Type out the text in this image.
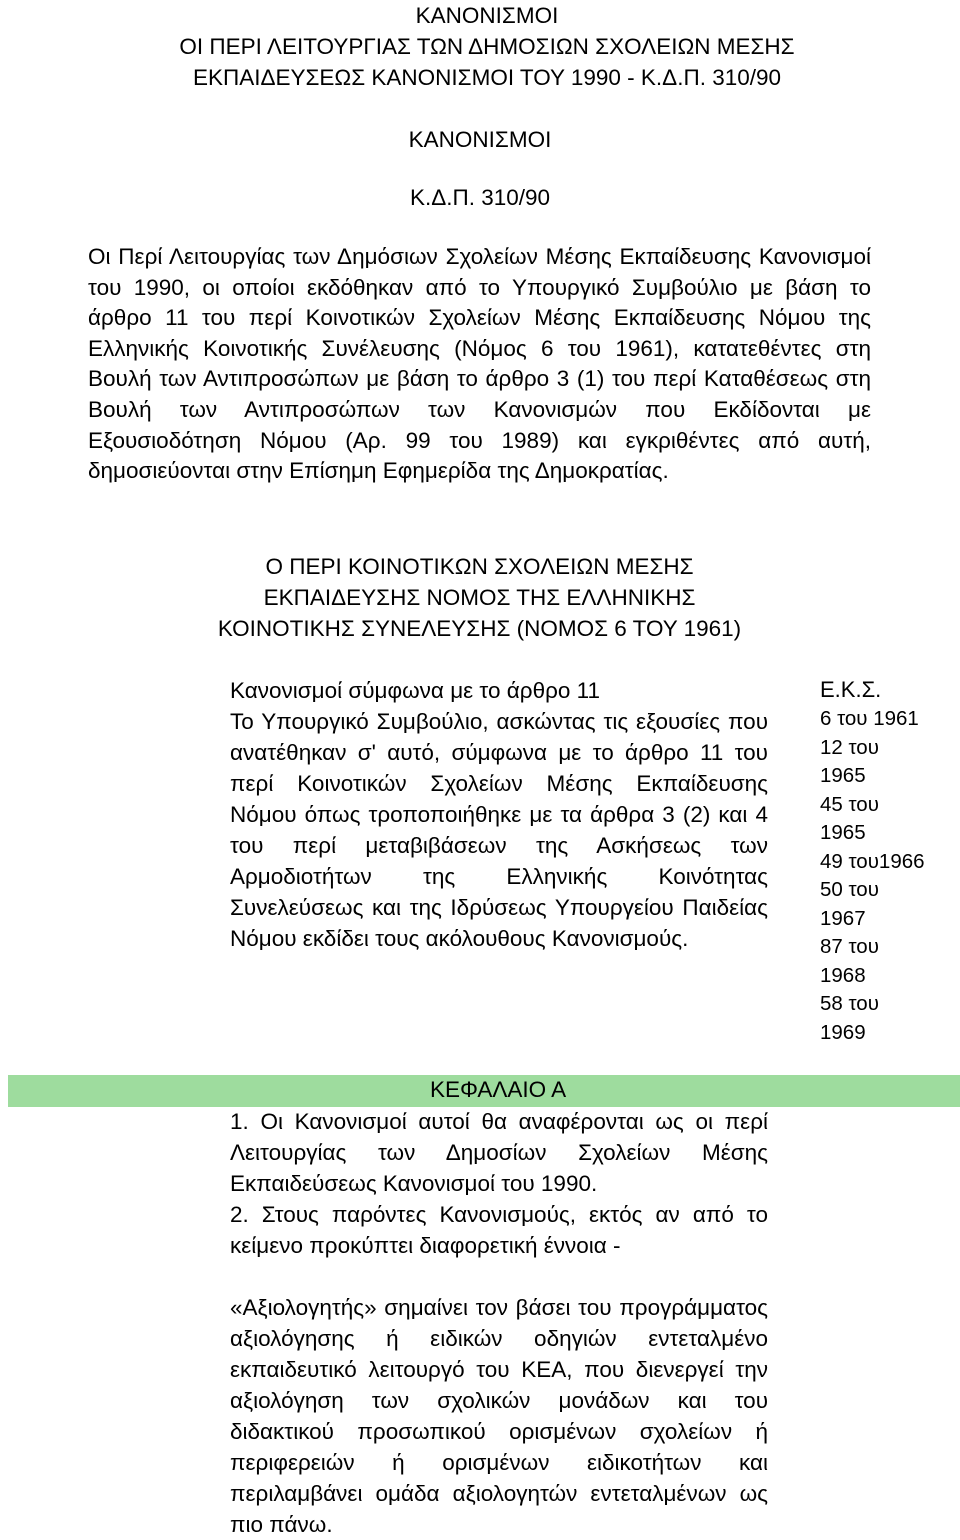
ΚΑΝΟΝΙΣΜΟΙ
ΟΙ ΠΕΡΙ ΛΕΙΤΟΥΡΓΙΑΣ ΤΩΝ ΔΗΜΟΣΙΩΝ ΣΧΟΛΕΙΩΝ ΜΕΣΗΣ
ΕΚΠΑΙΔΕΥΣΕΩΣ ΚΑΝΟΝΙΣΜΟΙ ΤΟΥ 1990 - Κ.Δ.Π. 310/90
ΚΑΝΟΝΙΣΜΟΙ
Κ.Δ.Π. 310/90
Οι Περί Λειτουργίας των Δημόσιων Σχολείων Μέσης Εκπαίδευσης Κανονισμοί του 1990, οι οποίοι εκδόθηκαν από το Υπουργικό Συμβούλιο με βάση το άρθρο 11 του περί Κοινοτικών Σχολείων Μέσης Εκπαίδευσης Νόμου της Ελληνικής Κοινοτικής Συνέλευσης (Νόμος 6 του 1961), κατατεθέντες στη Βουλή των Αντιπροσώπων με βάση το άρθρο 3 (1) του περί Καταθέσεως στη Βουλή των Αντιπροσώπων των Κανονισμών που Εκδίδονται με Εξουσιοδότηση Νόμου (Αρ. 99 του 1989) και εγκριθέντες από αυτή, δημοσιεύονται στην Επίσημη Εφημερίδα της Δημοκρατίας.
Ο ΠΕΡΙ ΚΟΙΝΟΤΙΚΩΝ ΣΧΟΛΕΙΩΝ ΜΕΣΗΣ
ΕΚΠΑΙΔΕΥΣΗΣ ΝΟΜΟΣ ΤΗΣ ΕΛΛΗΝΙΚΗΣ
ΚΟΙΝΟΤΙΚΗΣ ΣΥΝΕΛΕΥΣΗΣ (ΝΟΜΟΣ 6 ΤΟΥ 1961)

Κανονισμοί σύμφωνα με το άρθρο 11

Το Υπουργικό Συμβούλιο, ασκώντας τις εξουσίες που ανατέθηκαν σ' αυτό, σύμφωνα με το άρθρο 11 του περί Κοινοτικών Σχολείων Μέσης Εκπαίδευσης Νόμου όπως τροποποιήθηκε με τα άρθρα 3 (2) και 4 του περί μεταβιβάσεων της Ασκήσεως των Αρμοδιοτήτων της Ελληνικής Κοινότητας Συνελεύσεως και της Ιδρύσεως Υπουργείου Παιδείας Νόμου εκδίδει τους ακόλουθους Κανονισμούς.

Ε.Κ.Σ.
6 του 1961
12 του
1965
45 του
1965
49 του1966
50 του
1967
87 του
1968
58 του
1969
ΚΕΦΑΛΑΙΟ Α

1. Οι Κανονισμοί αυτοί θα αναφέρονται ως οι περί Λειτουργίας των Δημοσίων Σχολείων Μέσης Εκπαιδεύσεως Κανονισμοί του 1990.

2. Στους παρόντες Κανονισμούς, εκτός αν από το κείμενο προκύπτει διαφορετική έννοια -

«Αξιολογητής» σημαίνει τον βάσει του προγράμματος αξιολόγησης ή ειδικών οδηγιών εντεταλμένο εκπαιδευτικό λειτουργό του ΚΕΑ, που διενεργεί την αξιολόγηση των σχολικών μονάδων και του διδακτικού προσωπικού ορισμένων σχολείων ή περιφερειών ή ορισμένων ειδικοτήτων και περιλαμβάνει ομάδα αξιολογητών εντεταλμένων ως πιο πάνω.
